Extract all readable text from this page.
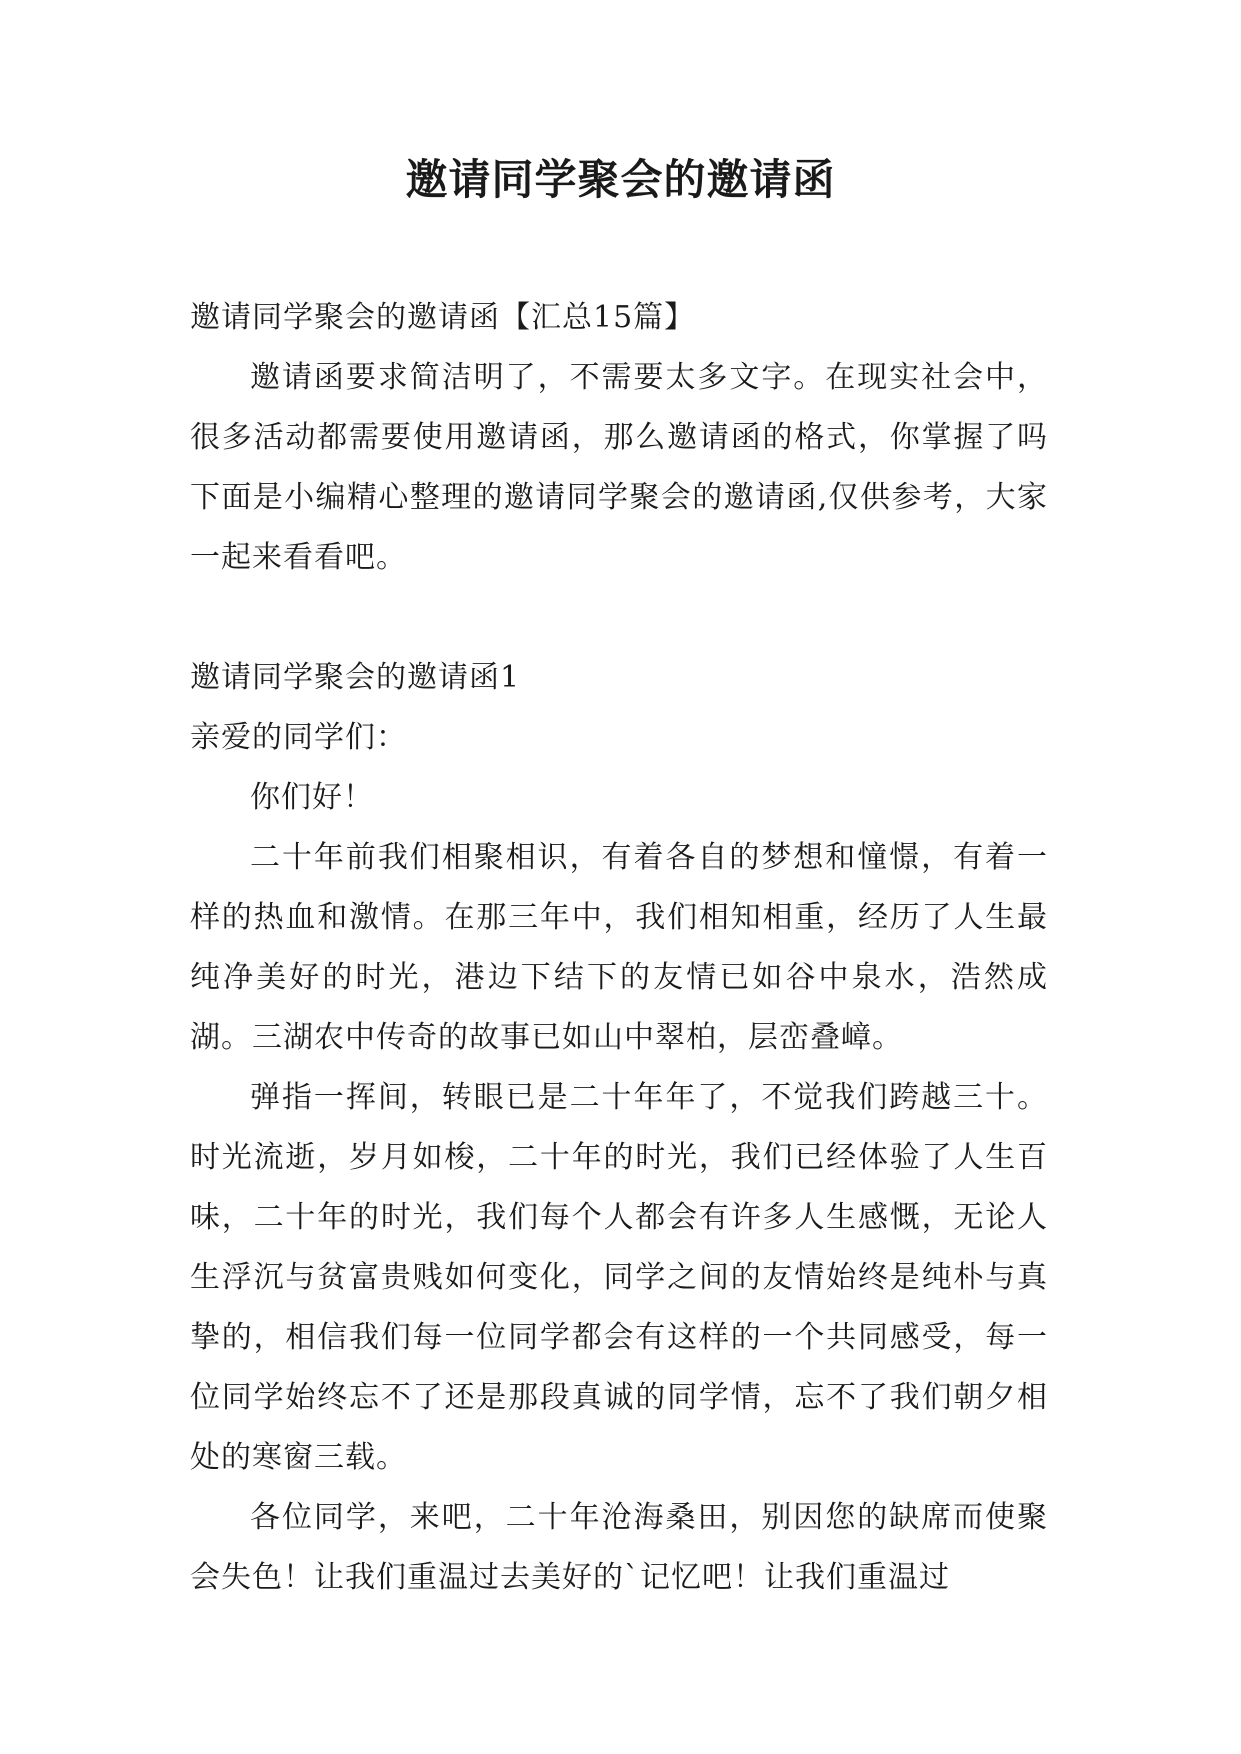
邀请同学聚会的邀请函

邀请同学聚会的邀请函【汇总15篇】

邀请函要求简洁明了，不需要太多文字。在现实社会中，很多活动都需要使用邀请函，那么邀请函的格式，你掌握了吗下面是小编精心整理的邀请同学聚会的邀请函,仅供参考，大家一起来看看吧。

邀请同学聚会的邀请函1

亲爱的同学们：

你们好！

二十年前我们相聚相识，有着各自的梦想和憧憬，有着一样的热血和激情。在那三年中，我们相知相重，经历了人生最纯净美好的时光，港边下结下的友情已如谷中泉水，浩然成湖。三湖农中传奇的故事已如山中翠柏，层峦叠嶂。

弹指一挥间，转眼已是二十年年了，不觉我们跨越三十。时光流逝，岁月如梭，二十年的时光，我们已经体验了人生百味，二十年的时光，我们每个人都会有许多人生感慨，无论人生浮沉与贫富贵贱如何变化，同学之间的友情始终是纯朴与真挚的，相信我们每一位同学都会有这样的一个共同感受，每一位同学始终忘不了还是那段真诚的同学情，忘不了我们朝夕相处的寒窗三载。

各位同学，来吧，二十年沧海桑田，别因您的缺席而使聚会失色！让我们重温过去美好的`记忆吧！让我们重温过
